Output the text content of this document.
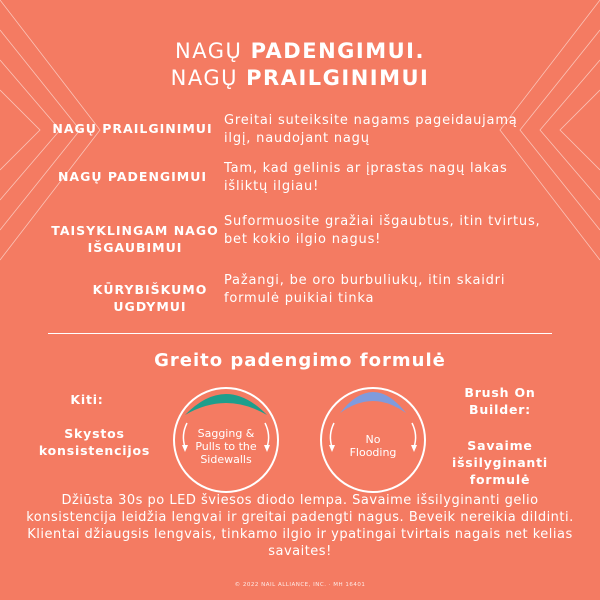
NAGŲ PADENGIMUI.
NAGŲ PRAILGINIMUI
NAGŲ PRAILGINIMUI
Greitai suteiksite nagams pageidaujamą ilgį, naudojant nagų
NAGŲ PADENGIMUI
Tam, kad gelinis ar įprastas nagų lakas išliktų ilgiau!
TAISYKLINGAM NAGO IŠGAUBIMUI
Suformuosite gražiai išgaubtus, itin tvirtus, bet kokio ilgio nagus!
KŪRYBIŠKUMO UGDYMUI
Pažangi, be oro burbuliukų, itin skaidri formulė puikiai tinka
Greito padengimo formulė
Kiti:
Skystos konsistencijos
Brush On Builder:
Savaime išsilyginanti formulė
Sagging & Pulls to the Sidewalls
No Flooding
Džiūsta 30s po LED šviesos diodo lempa. Savaime išsilyginanti gelio konsistencija leidžia lengvai ir greitai padengti nagus. Beveik nereikia dildinti. Klientai džiaugsis lengvais, tinkamo ilgio ir ypatingai tvirtais nagais net kelias savaites!
© 2022 NAIL ALLIANCE, INC. · MH 16401
